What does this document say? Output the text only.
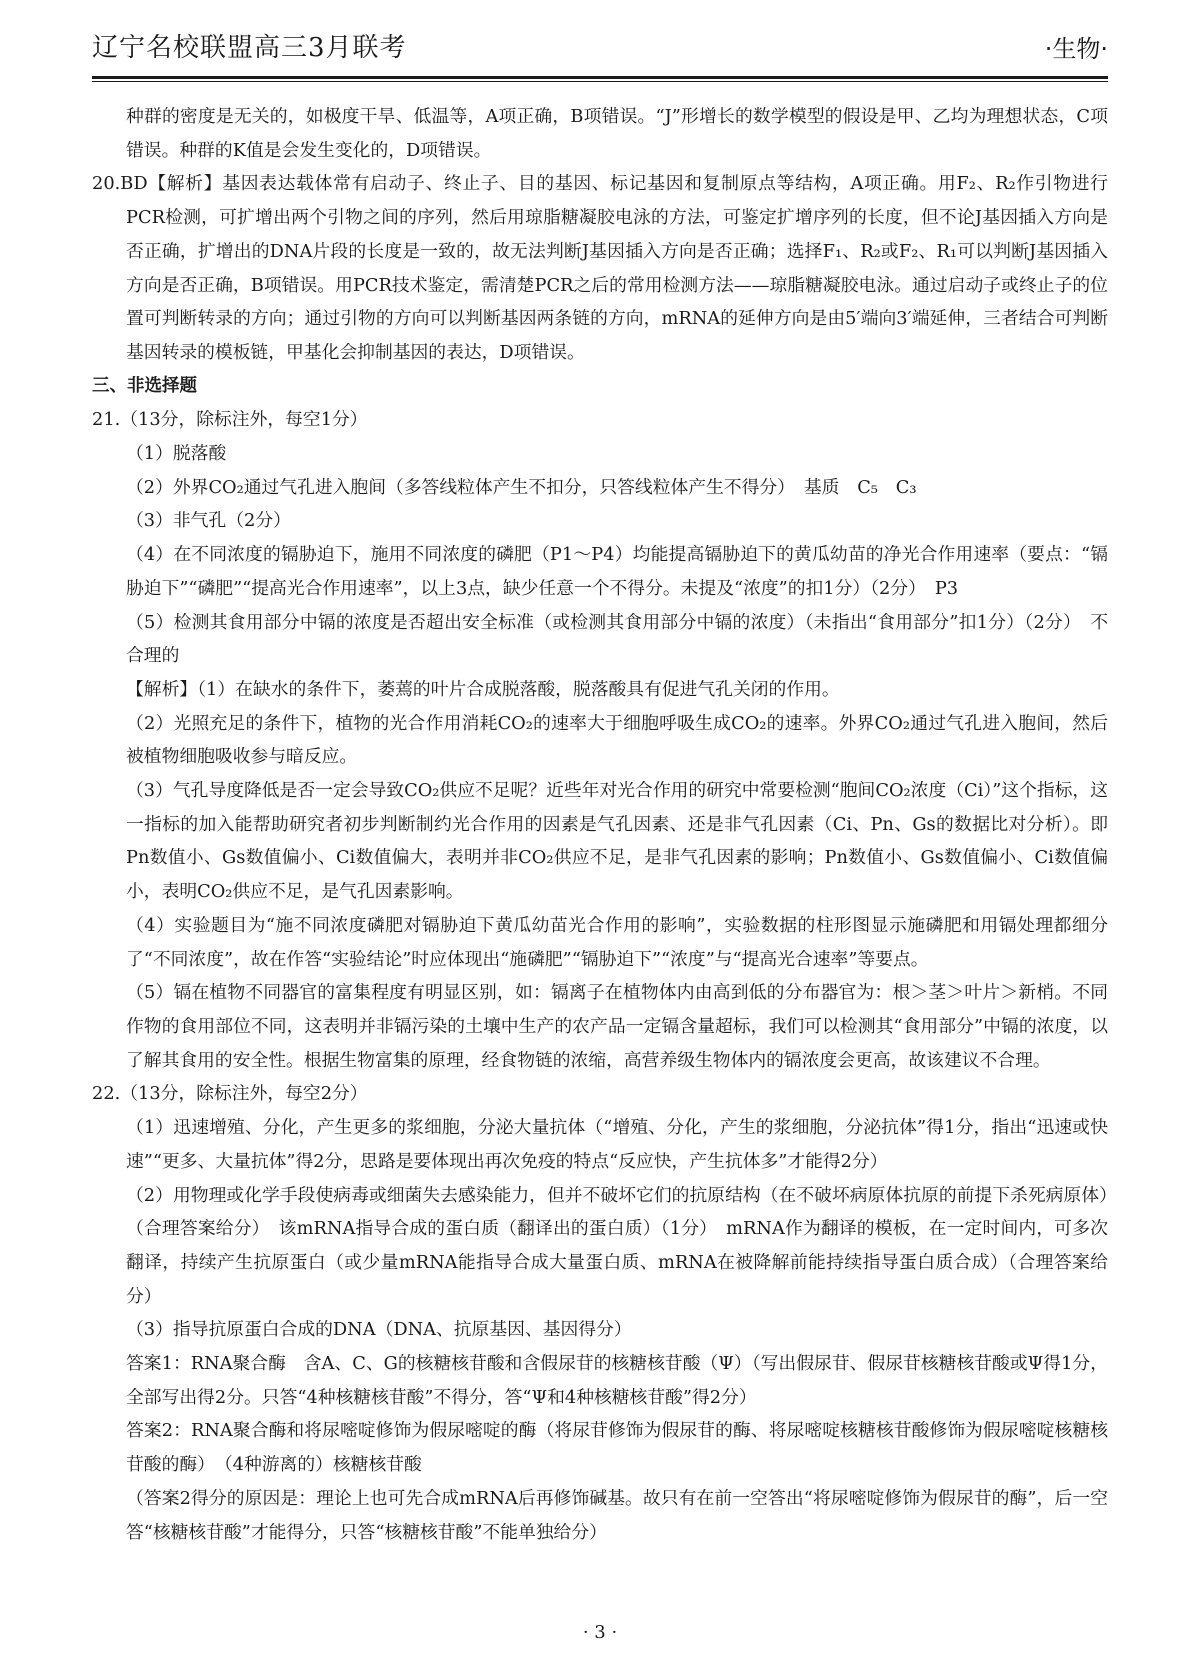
辽宁名校联盟高三3月联考	·生物·
种群的密度是无关的，如极度干旱、低温等，A项正确，B项错误。“J”形增长的数学模型的假设是甲、乙均为理想状态，C项错误。种群的K值是会发生变化的，D项错误。
20.BD【解析】基因表达载体常有启动子、终止子、目的基因、标记基因和复制原点等结构，A项正确。用F₂、R₂作引物进行PCR检测，可扩增出两个引物之间的序列，然后用琼脂糖凝胶电泳的方法，可鉴定扩增序列的长度，但不论J基因插入方向是否正确，扩增出的DNA片段的长度是一致的，故无法判断J基因插入方向是否正确；选择F₁、R₂或F₂、R₁可以判断J基因插入方向是否正确，B项错误。用PCR技术鉴定，需清楚PCR之后的常用检测方法——琼脂糖凝胶电泳。通过启动子或终止子的位置可判断转录的方向；通过引物的方向可以判断基因两条链的方向，mRNA的延伸方向是由5′端向3′端延伸，三者结合可判断基因转录的模板链，甲基化会抑制基因的表达，D项错误。
三、非选择题
21.（13分，除标注外，每空1分）
（1）脱落酸
（2）外界CO₂通过气孔进入胞间（多答线粒体产生不扣分，只答线粒体产生不得分）　基质　C₅　C₃
（3）非气孔（2分）
（4）在不同浓度的镉胁迫下，施用不同浓度的磷肥（P1～P4）均能提高镉胁迫下的黄瓜幼苗的净光合作用速率（要点：“镉胁迫下”“磷肥”“提高光合作用速率”，以上3点，缺少任意一个不得分。未提及“浓度”的扣1分）（2分）　P3
（5）检测其食用部分中镉的浓度是否超出安全标准（或检测其食用部分中镉的浓度）（未指出“食用部分”扣1分）（2分）　不合理的
【解析】（1）在缺水的条件下，萎蔫的叶片合成脱落酸，脱落酸具有促进气孔关闭的作用。
（2）光照充足的条件下，植物的光合作用消耗CO₂的速率大于细胞呼吸生成CO₂的速率。外界CO₂通过气孔进入胞间，然后被植物细胞吸收参与暗反应。
（3）气孔导度降低是否一定会导致CO₂供应不足呢？近些年对光合作用的研究中常要检测“胞间CO₂浓度（Ci）”这个指标，这一指标的加入能帮助研究者初步判断制约光合作用的因素是气孔因素、还是非气孔因素（Ci、Pn、Gs的数据比对分析）。即Pn数值小、Gs数值偏小、Ci数值偏大，表明并非CO₂供应不足，是非气孔因素的影响；Pn数值小、Gs数值偏小、Ci数值偏小，表明CO₂供应不足，是气孔因素影响。
（4）实验题目为“施不同浓度磷肥对镉胁迫下黄瓜幼苗光合作用的影响”，实验数据的柱形图显示施磷肥和用镉处理都细分了“不同浓度”，故在作答“实验结论”时应体现出“施磷肥”“镉胁迫下”“浓度”与“提高光合速率”等要点。
（5）镉在植物不同器官的富集程度有明显区别，如：镉离子在植物体内由高到低的分布器官为：根＞茎＞叶片＞新梢。不同作物的食用部位不同，这表明并非镉污染的土壤中生产的农产品一定镉含量超标，我们可以检测其“食用部分”中镉的浓度，以了解其食用的安全性。根据生物富集的原理，经食物链的浓缩，高营养级生物体内的镉浓度会更高，故该建议不合理。
22.（13分，除标注外，每空2分）
（1）迅速增殖、分化，产生更多的浆细胞，分泌大量抗体（“增殖、分化，产生的浆细胞，分泌抗体”得1分，指出“迅速或快速”“更多、大量抗体”得2分，思路是要体现出再次免疫的特点“反应快，产生抗体多”才能得2分）
（2）用物理或化学手段使病毒或细菌失去感染能力，但并不破坏它们的抗原结构（在不破坏病原体抗原的前提下杀死病原体）（合理答案给分）　该mRNA指导合成的蛋白质（翻译出的蛋白质）（1分）　mRNA作为翻译的模板，在一定时间内，可多次翻译，持续产生抗原蛋白（或少量mRNA能指导合成大量蛋白质、mRNA在被降解前能持续指导蛋白质合成）（合理答案给分）
（3）指导抗原蛋白合成的DNA（DNA、抗原基因、基因得分）
答案1：RNA聚合酶　含A、C、G的核糖核苷酸和含假尿苷的核糖核苷酸（Ψ）（写出假尿苷、假尿苷核糖核苷酸或Ψ得1分，全部写出得2分。只答“4种核糖核苷酸”不得分，答“Ψ和4种核糖核苷酸”得2分）
答案2：RNA聚合酶和将尿嘧啶修饰为假尿嘧啶的酶（将尿苷修饰为假尿苷的酶、将尿嘧啶核糖核苷酸修饰为假尿嘧啶核糖核苷酸的酶）　（4种游离的）核糖核苷酸
（答案2得分的原因是：理论上也可先合成mRNA后再修饰碱基。故只有在前一空答出“将尿嘧啶修饰为假尿苷的酶”，后一空答“核糖核苷酸”才能得分，只答“核糖核苷酸”不能单独给分）
· 3 ·
